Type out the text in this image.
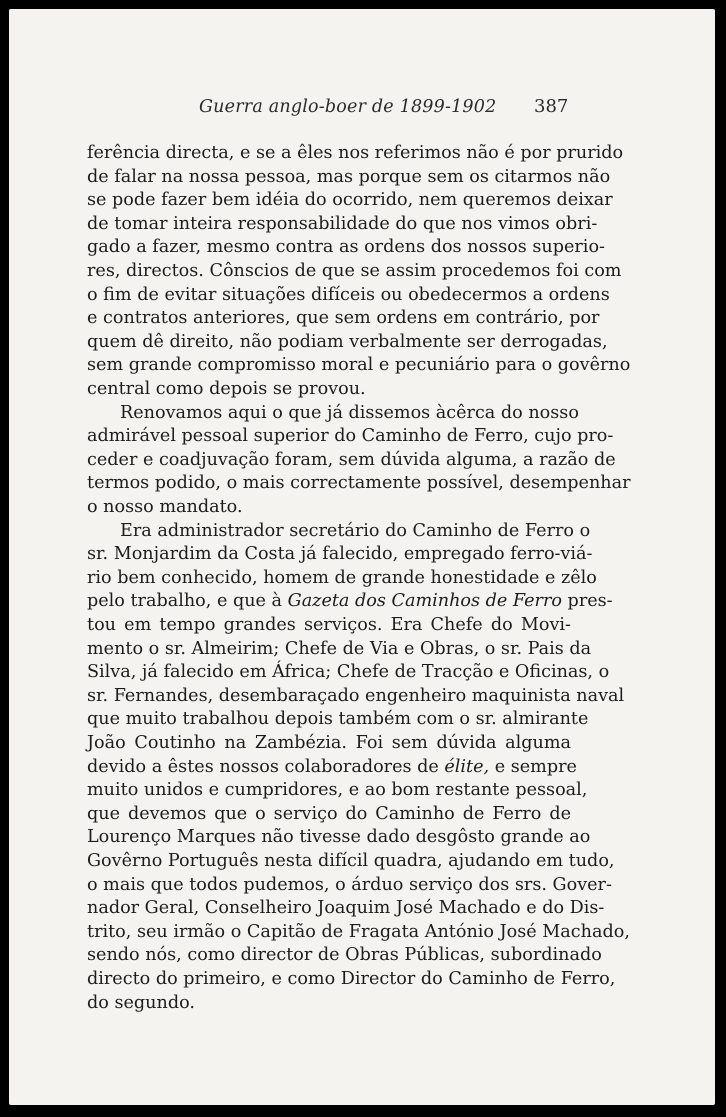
Guerra anglo-boer de 1899-1902 387
ferência directa, e se a êles nos referimos não é por prurido
de falar na nossa pessoa, mas porque sem os citarmos não
se pode fazer bem idéia do ocorrido, nem queremos deixar
de tomar inteira responsabilidade do que nos vimos obri-
gado a fazer, mesmo contra as ordens dos nossos superio-
res, directos. Cônscios de que se assim procedemos foi com
o fim de evitar situações difíceis ou obedecermos a ordens
e contratos anteriores, que sem ordens em contrário, por
quem dê direito, não podiam verbalmente ser derrogadas,
sem grande compromisso moral e pecuniário para o govêrno
central como depois se provou.
Renovamos aqui o que já dissemos àcêrca do nosso
admirável pessoal superior do Caminho de Ferro, cujo pro-
ceder e coadjuvação foram, sem dúvida alguma, a razão de
termos podido, o mais correctamente possível, desempenhar
o nosso mandato.
Era administrador secretário do Caminho de Ferro o
sr. Monjardim da Costa já falecido, empregado ferro-viá-
rio bem conhecido, homem de grande honestidade e zêlo
pelo trabalho, e que à Gazeta dos Caminhos de Ferro pres-
tou em tempo grandes serviços. Era Chefe do Movi-
mento o sr. Almeirim; Chefe de Via e Obras, o sr. Pais da
Silva, já falecido em África; Chefe de Tracção e Oficinas, o
sr. Fernandes, desembaraçado engenheiro maquinista naval
que muito trabalhou depois também com o sr. almirante
João Coutinho na Zambézia. Foi sem dúvida alguma
devido a êstes nossos colaboradores de élite, e sempre
muito unidos e cumpridores, e ao bom restante pessoal,
que devemos que o serviço do Caminho de Ferro de
Lourenço Marques não tivesse dado desgôsto grande ao
Govêrno Português nesta difícil quadra, ajudando em tudo,
o mais que todos pudemos, o árduo serviço dos srs. Gover-
nador Geral, Conselheiro Joaquim José Machado e do Dis-
trito, seu irmão o Capitão de Fragata António José Machado,
sendo nós, como director de Obras Públicas, subordinado
directo do primeiro, e como Director do Caminho de Ferro,
do segundo.
